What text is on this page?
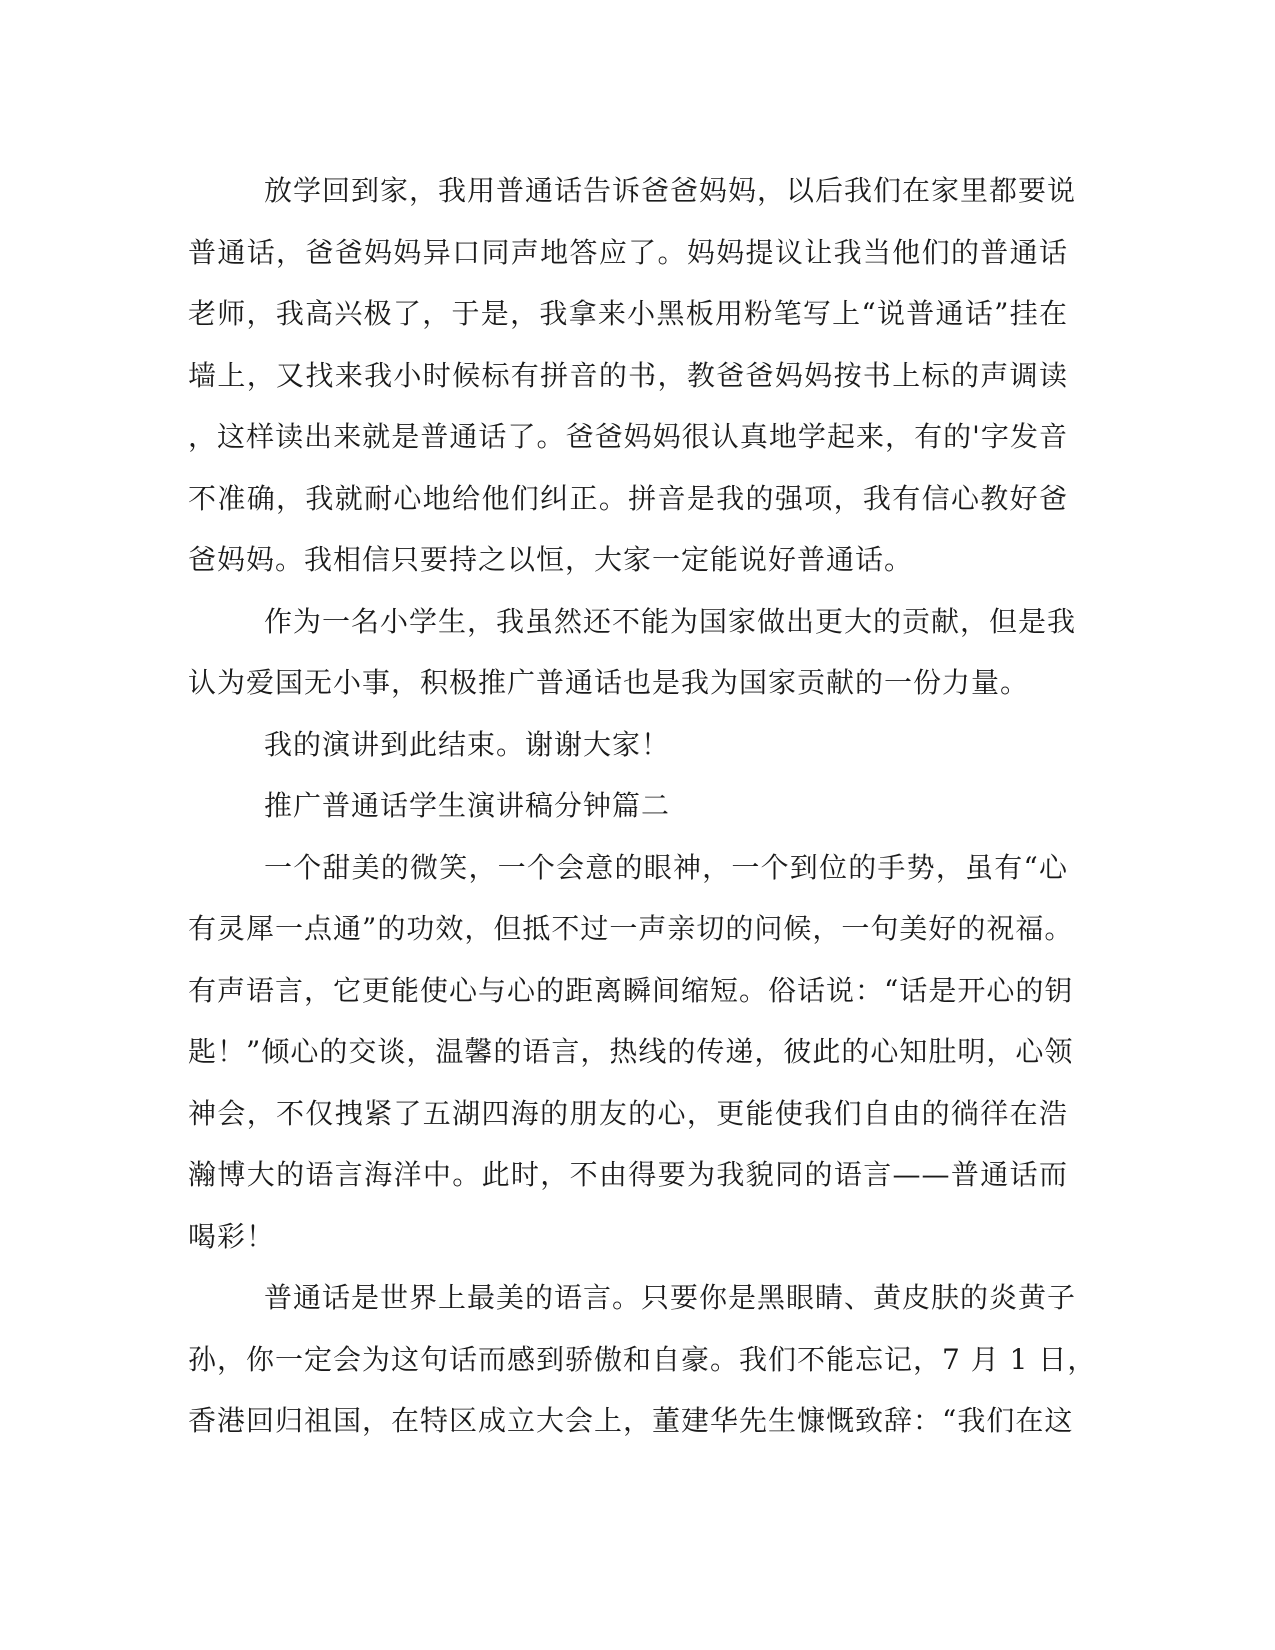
放学回到家，我用普通话告诉爸爸妈妈，以后我们在家里都要说
普通话，爸爸妈妈异口同声地答应了。妈妈提议让我当他们的普通话
老师，我高兴极了，于是，我拿来小黑板用粉笔写上“说普通话”挂在
墙上，又找来我小时候标有拼音的书，教爸爸妈妈按书上标的声调读
，这样读出来就是普通话了。爸爸妈妈很认真地学起来，有的'字发音
不准确，我就耐心地给他们纠正。拼音是我的强项，我有信心教好爸
爸妈妈。我相信只要持之以恒，大家一定能说好普通话。
作为一名小学生，我虽然还不能为国家做出更大的贡献，但是我
认为爱国无小事，积极推广普通话也是我为国家贡献的一份力量。
我的演讲到此结束。谢谢大家！
推广普通话学生演讲稿分钟篇二
一个甜美的微笑，一个会意的眼神，一个到位的手势，虽有“心
有灵犀一点通”的功效，但抵不过一声亲切的问候，一句美好的祝福。
有声语言，它更能使心与心的距离瞬间缩短。俗话说：“话是开心的钥
匙！”倾心的交谈，温馨的语言，热线的传递，彼此的心知肚明，心领
神会，不仅拽紧了五湖四海的朋友的心，更能使我们自由的徜徉在浩
瀚博大的语言海洋中。此时，不由得要为我貌同的语言——普通话而
喝彩！
普通话是世界上最美的语言。只要你是黑眼睛、黄皮肤的炎黄子
孙，你一定会为这句话而感到骄傲和自豪。我们不能忘记，7 月 1 日，
香港回归祖国，在特区成立大会上，董建华先生慷慨致辞：“我们在这
